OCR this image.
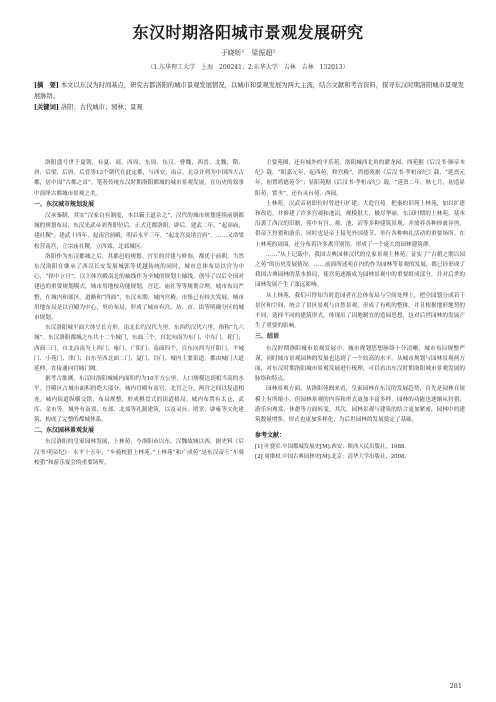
东汉时期洛阳城市景观发展研究
于晓昕¹　梁振超²
（1.东华理工大学　上海　200241；2.东华大学　吉林　吉林　132013）

[摘　要] 本文以东汉为时间基点，研究古都洛阳的城市景观发展情况，以城市和景观发展为两大主流，结合文献和考古资料，探寻东汉时期洛阳城市景观发展脉络。

[关键词] 洛阳；古代城市；园林；景观

洛阳盛号世于夏朝，有夏、商、西周、东周、东汉、曹魏、西晋、北魏、隋、唐、后梁、后唐、后晋等13个朝代在此定都，与西安、南京、北京并列为中国四大古都，居中国“古都之首”。笔者传统东汉时期洛阳都城的城市景观发展，在历史的叙事中演绎古都城市景观之美。

一、东汉城市规划发展

汉承秦制，其实“汉家自有制度，本以霸王道杂之”，汉代的城市规划延续前朝都城的规划布局，东汉光武帝刘秀即位后，正式迁都洛阳，辟后，建武二年，“起高庙，建社稷”；建武十四年，起南宫前殿，明帝永平三年，“起北宫及诸官府”，……又命梁松营南宫，立宗庙社稷，立四郊、北郊城区。

洛阳作为东汉都城之后，其都邑的规划、宫室的营建与修饰，都优于前朝。当然东汉洛阳在继承了西汉长安发展城郭等优越传统的同时，城市总体布局以宫为中心，“择中立宫”，以主体宫殿南北的轴线作为全城的规划主轴线。创导了以后全国对建邑的重要规划模式。城市用地按功能规划，宫廷、庙社等等规划合理，城市布局严整，在城内和郊区。道路和“四面”，东汉末期，城内宫殿、市集已有较大发展，城市用地布局是以宫殿为中心，里坊布局，形成了城市有宫、坊、市、街等明确分区的城市规划。

东汉洛阳城平面大体呈长方形，南北长约汉代九里，东西约汉代六里，俗称“九六城”。东汉洛阳都城之东共十二个城门，东面三个，自北向南为东门、中东门、耗门；西面三门，自北而南为上西门、雍门、广阳门；南面四个，自东向西为开阳门、平城门、小苑门、津门；自东至西北面二门，夏门、谷门。城内主要街道，都由城门大道延伸，直接通向宫城门阙。

据考古推测，东汉时洛阳城城内面积约为10平方公里，人口规模达到相当高的水平。宫殿区占城市面积的绝大部分。城内宫殿有南宫、北宫之分，两宫之间以复道相连。城内街道纵横交错，布局规整，形成棋盘式的街道格局。城内布置有太仓、武库、金市等。城外有南郊、东郊、北郊等礼制建筑，以及灵台、明堂、辟雍等文化建筑，构成了完整的都城体系。

二、东汉园林景观发展

东汉洛阳的皇家园林发展，上林苑，今洛阳市以东，汉魏故城以西，据史料《后汉书·明帝纪》：永平十五年，“车骑校猎上林苑。”上林苑“和广成苑”是东汉帝王“车骑校猎”和游乐宴会的重要场所。

主要苑囿，还有城外的平乐苑、洛阳城西北角的濯龙园、西苑据《后汉书·顺帝本纪》载，“阳嘉元年，起西苑，修宫殿”。鸿德苑据《后汉书·孝桓帝纪》载，“延熹元年，初置鸿德苑令”；显阳苑据《后汉书·孝桓帝纪》载，“延熹二年，秋七月，初造显阳苑，置丞”。还有灵台苑、西园。

上林苑，汉武帝初即位时曾进行扩建，大造宫苑。把秦的旧苑上林苑，加以扩建和改造，并修建了许多宫观和池沼，规模很大，极尽华丽。东汉时期的上林苑，基本沿袭了西汉的旧制，苑中有宫、观、池、沼等多种建筑景观，并放养各种珍禽异兽，供帝王狩猎和游乐，同时也是帝王接见外国使节、举行各种典礼活动的重要场所。在上林苑的周围，还分布着许多离宫别馆，形成了一个庞大的园林建筑群。

……“从上记载中，我国古典园林汉代的皇家景观上林苑，证实了“古朝之期以园之苑”的历史发展情况。……前面所述苑在内的作为园林等景观的发展，都已经形成了我国古典园林的基本格局，使宫苑逐渐成为园林景观中的重要组成部分，并对后世的园林发展产生了深远影响。

从上林苑，我们可得知当时造园者在总体布局与空间处理上，把全园划分成若干景区和空间，统合了景区景观与自然景观，形成了有机的整体，并且根据地形地势的不同，选择不同的建筑形式，体现出了因地制宜的造园思想，这对后世园林的发展产生了重要的影响。

三、结语

东汉时期洛阳城市景观发展中，城市规划思想脉络十分清晰，城市布局规整严谨，同时城市景观园林的发展也达到了一个较高的水平。从城市规划与园林景观两方面，对东汉时期洛阳城市景观发展进行梳理，可以看出东汉时期洛阳城市景观发展的脉络和特点。

园林景观方面，从洛阳苑囿来看，皇家园林在东汉的发展趋势，首先是园林在规模上有所缩小，但园林景观的内容和形式更加丰富多样，园林的功能也逐渐从狩猎、游乐向观赏、休憩等方面转变。其次，园林景观与建筑的结合更加紧密，园林中的建筑数量增多，形式也更加多样化，为后世园林的发展奠定了基础。

参考文献：

[1] 叶骁军.中国都城发展史[M].西安：陕西人民出版社，1988.

[2] 周维权.中国古典园林史[M].北京：清华大学出版社，2008.

281
